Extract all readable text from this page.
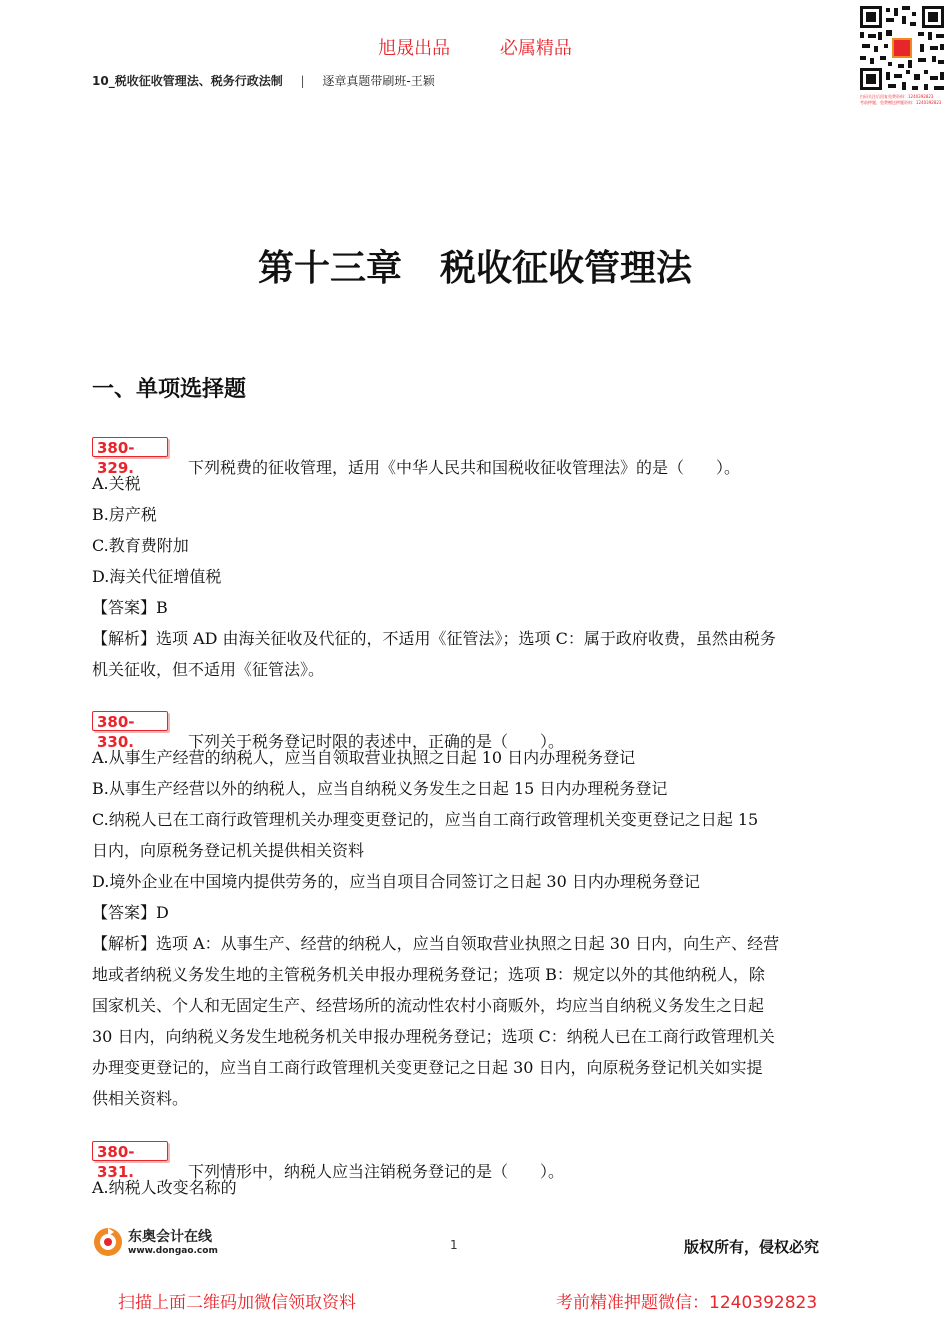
旭晟出品	必属精品
10_税收征收管理法、税务行政法制 | 逐章真题带刷班-王颖
扫码关注后回复免费资料：1240392823
考前押题，免费赠送押题资料：1240392823
第十三章 税收征收管理法
一、单项选择题
380-329.	下列税费的征收管理，适用《中华人民共和国税收征收管理法》的是（　　）。
A.关税
B.房产税
C.教育费附加
D.海关代征增值税
【答案】B
【解析】选项 AD 由海关征收及代征的，不适用《征管法》；选项 C：属于政府收费，虽然由税务
机关征收，但不适用《征管法》。
380-330.	下列关于税务登记时限的表述中，正确的是（　　）。
A.从事生产经营的纳税人，应当自领取营业执照之日起 10 日内办理税务登记
B.从事生产经营以外的纳税人，应当自纳税义务发生之日起 15 日内办理税务登记
C.纳税人已在工商行政管理机关办理变更登记的，应当自工商行政管理机关变更登记之日起 15
日内，向原税务登记机关提供相关资料
D.境外企业在中国境内提供劳务的，应当自项目合同签订之日起 30 日内办理税务登记
【答案】D
【解析】选项 A：从事生产、经营的纳税人，应当自领取营业执照之日起 30 日内，向生产、经营
地或者纳税义务发生地的主管税务机关申报办理税务登记；选项 B：规定以外的其他纳税人，除
国家机关、个人和无固定生产、经营场所的流动性农村小商贩外，均应当自纳税义务发生之日起
30 日内，向纳税义务发生地税务机关申报办理税务登记；选项 C：纳税人已在工商行政管理机关
办理变更登记的，应当自工商行政管理机关变更登记之日起 30 日内，向原税务登记机关如实提
供相关资料。
380-331.	下列情形中，纳税人应当注销税务登记的是（　　）。
A.纳税人改变名称的
东奥会计在线
www.dongao.com	1	版权所有，侵权必究
扫描上面二维码加微信领取资料	考前精准押题微信：1240392823
